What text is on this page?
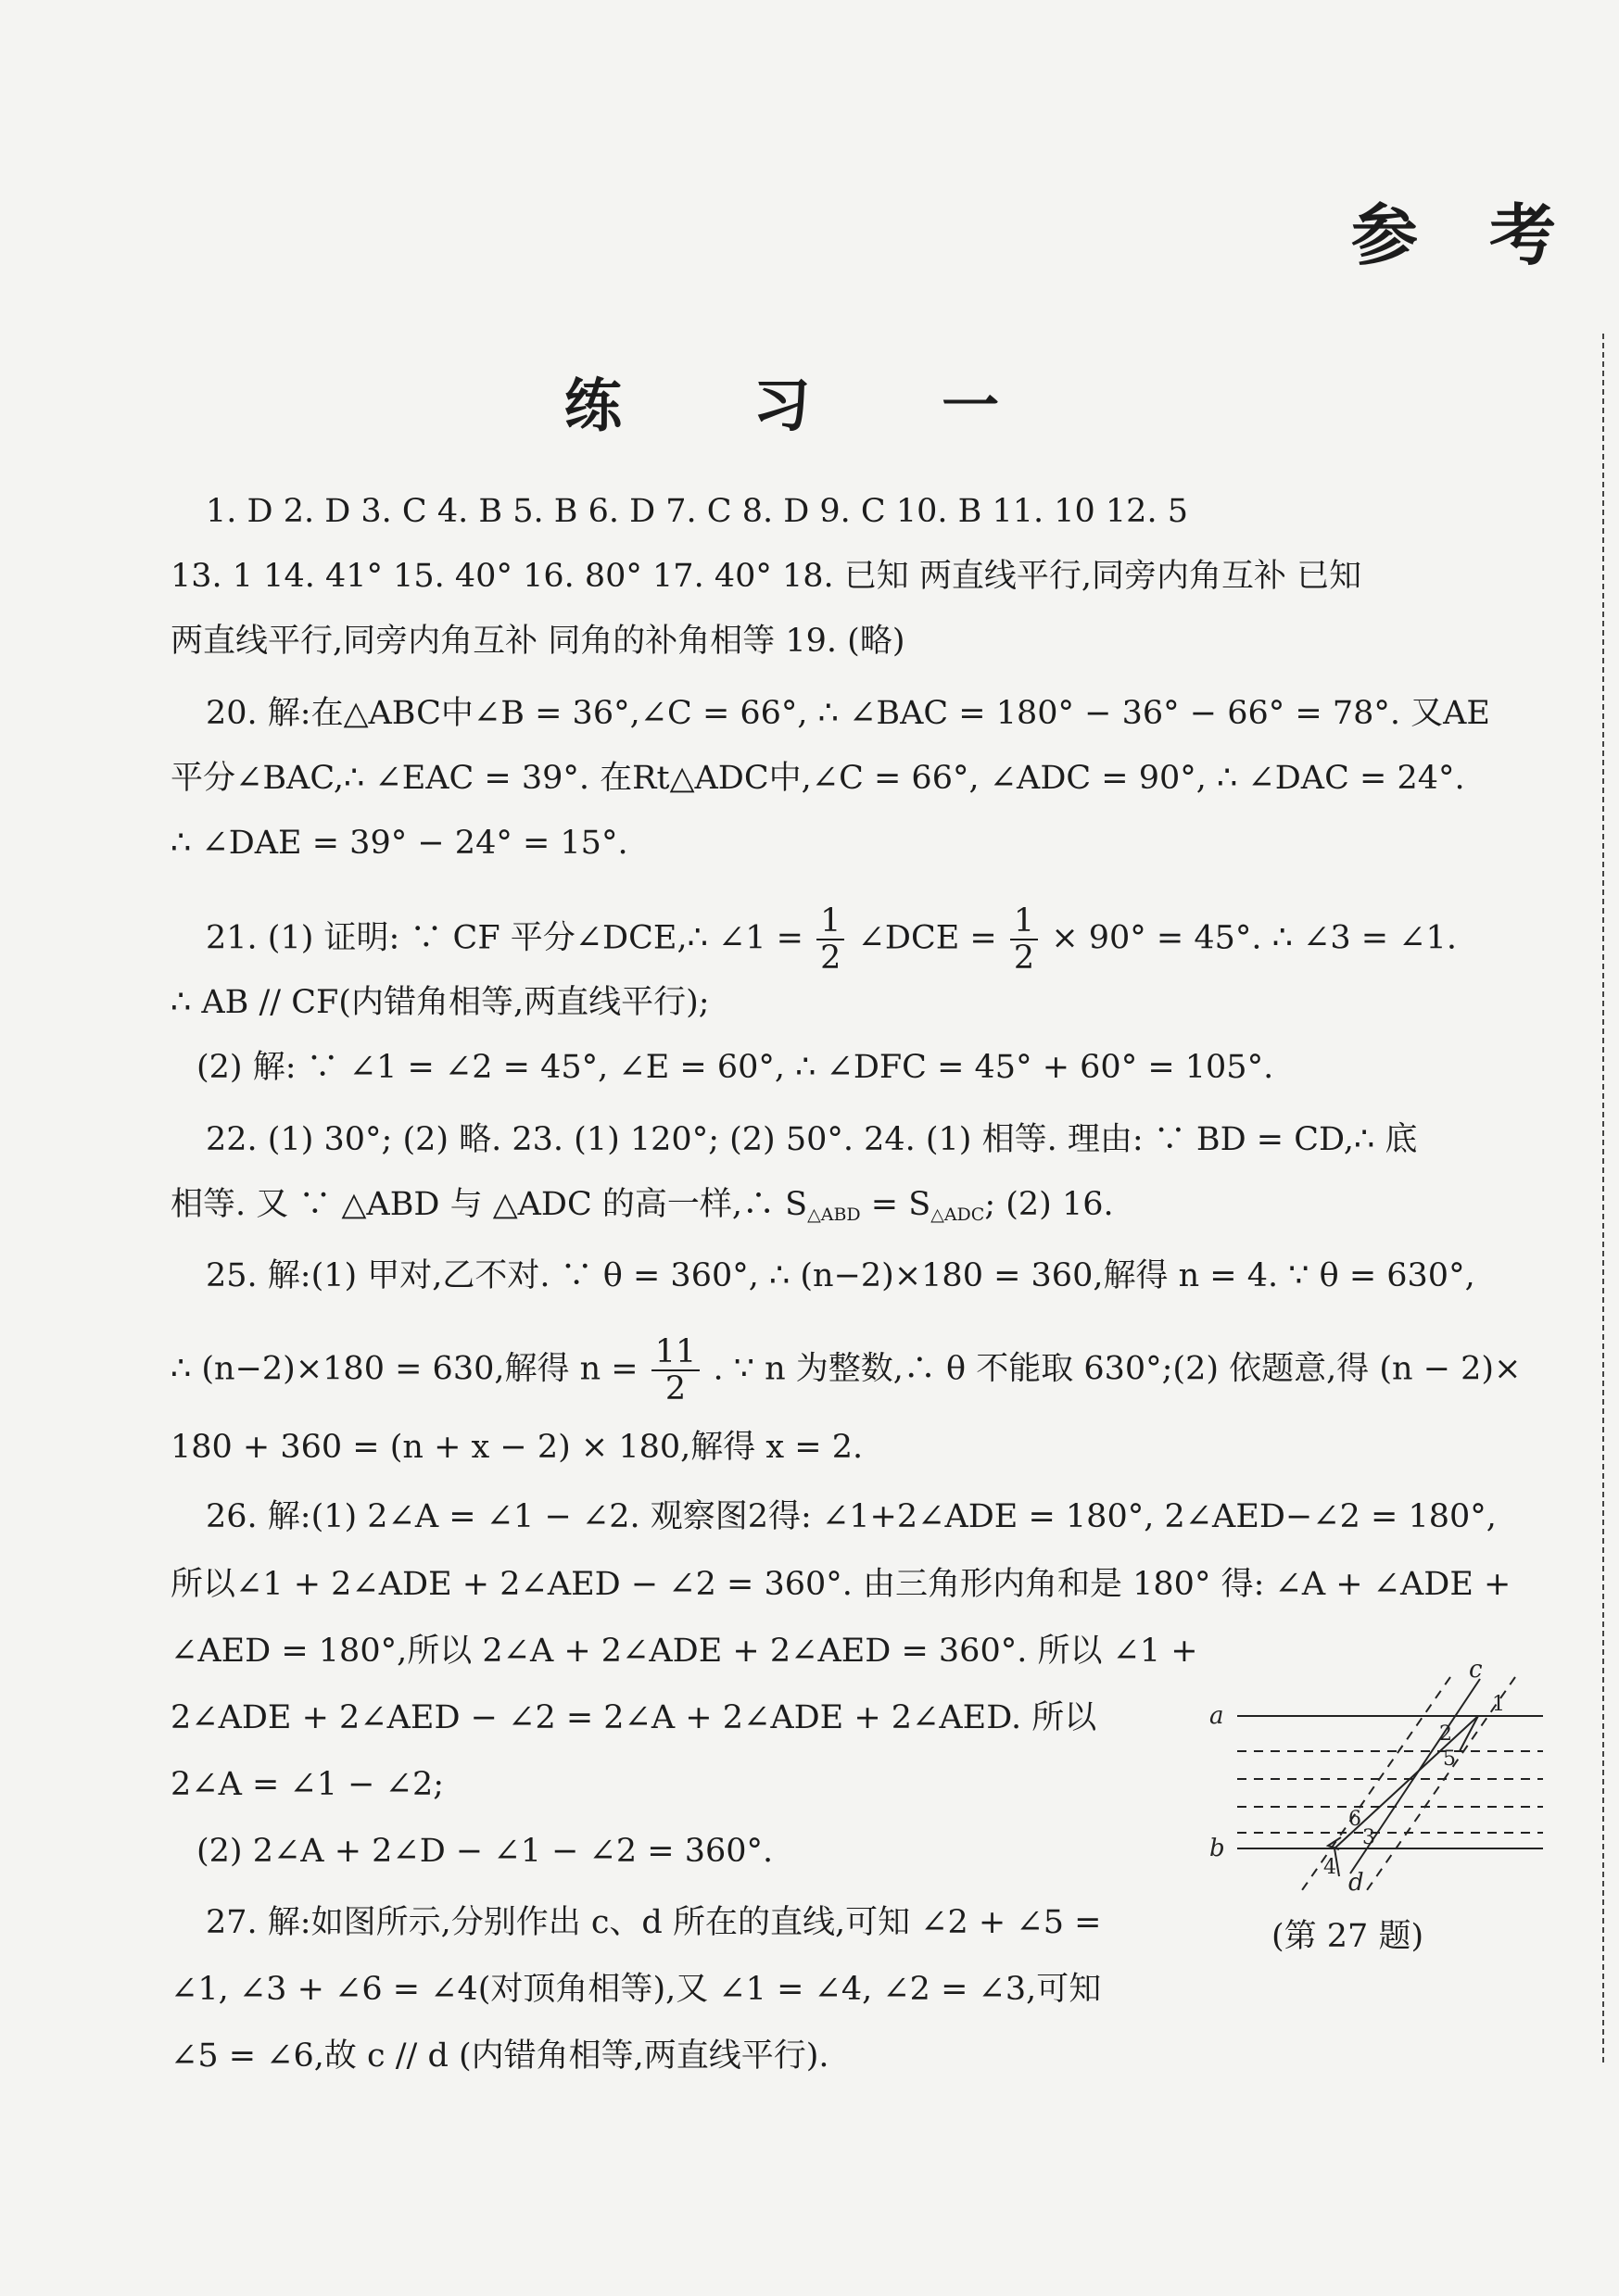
参 考
练 习 一
1. D 2. D 3. C 4. B 5. B 6. D 7. C 8. D 9. C 10. B 11. 10 12. 5
13. 1 14. 41° 15. 40° 16. 80° 17. 40° 18. 已知 两直线平行,同旁内角互补 已知
两直线平行,同旁内角互补 同角的补角相等 19. (略)
20. 解:在△ABC中∠B = 36°,∠C = 66°, ∴ ∠BAC = 180° − 36° − 66° = 78°. 又AE
平分∠BAC,∴ ∠EAC = 39°. 在Rt△ADC中,∠C = 66°, ∠ADC = 90°, ∴ ∠DAC = 24°.
∴ ∠DAE = 39° − 24° = 15°.
21. (1) 证明: ∵ CF 平分∠DCE,∴ ∠1 = $\frac{1}{2}$ ∠DCE = $\frac{1}{2} \times 90^\circ = 45^\circ$. ∴ ∠3 = ∠1.
∴ AB // CF(内错角相等,两直线平行);
(2) 解: ∵ ∠1 = ∠2 = 45°, ∠E = 60°, ∴ ∠DFC = 45° + 60° = 105°.
22. (1) 30°; (2) 略. 23. (1) 120°; (2) 50°. 24. (1) 相等. 理由: ∵ BD = CD,∴ 底
相等. 又 ∵ △ABD 与 △ADC 的高一样,∴ $S_{\triangle ABD} = S_{\triangle ADC}$; (2) 16.
25. 解:(1) 甲对,乙不对. ∵ θ = 360°, ∴ (n−2)×180 = 360,解得 n = 4. ∵ θ = 630°,
∴ (n−2)×180 = 630,解得 $n = \frac{11}{2}$ . ∵ n 为整数,∴ θ 不能取 630°;(2) 依题意,得 (n − 2)×
180 + 360 = (n + x − 2) × 180,解得 x = 2.
26. 解:(1) 2∠A = ∠1 − ∠2. 观察图2得: ∠1+2∠ADE = 180°, 2∠AED−∠2 = 180°,
所以∠1 + 2∠ADE + 2∠AED − ∠2 = 360°. 由三角形内角和是 180° 得: ∠A + ∠ADE +
∠AED = 180°,所以 2∠A + 2∠ADE + 2∠AED = 360°. 所以 ∠1 +
2∠ADE + 2∠AED − ∠2 = 2∠A + 2∠ADE + 2∠AED. 所以
2∠A = ∠1 − ∠2;
(2) 2∠A + 2∠D − ∠1 − ∠2 = 360°.
27. 解:如图所示,分别作出 c、d 所在的直线,可知 ∠2 + ∠5 =
∠1, ∠3 + ∠6 = ∠4(对顶角相等),又 ∠1 = ∠4, ∠2 = ∠3,可知
∠5 = ∠6,故 c // d (内错角相等,两直线平行).
a
b
c
d
1
2
3
4
5
6
(第 27 题)
